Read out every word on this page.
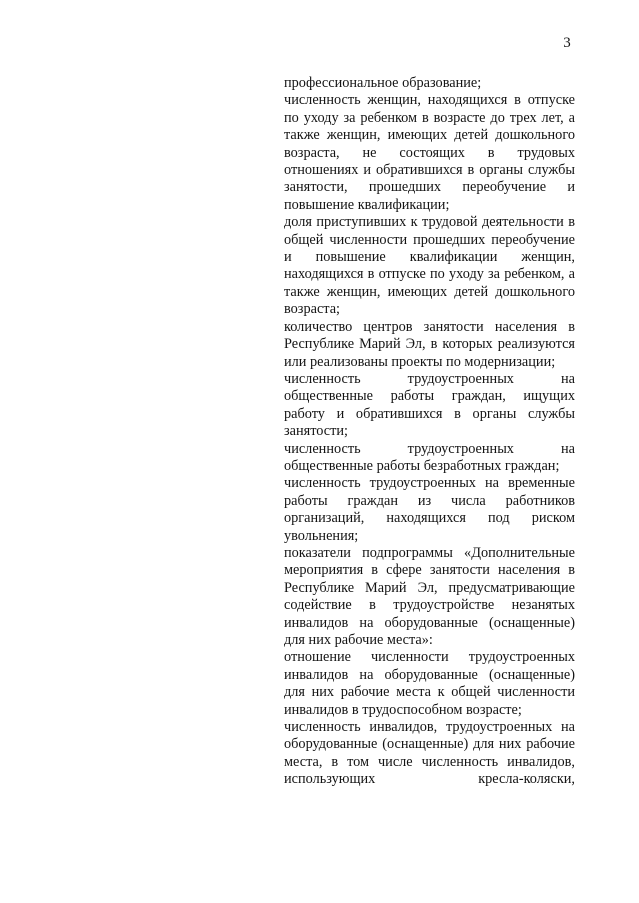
3

профессиональное образование;

численность женщин, находящихся в отпуске по уходу за ребенком в возрасте до трех лет, а также женщин, имеющих детей дошкольного возраста, не состоящих в трудовых отношениях и обратившихся в органы службы занятости, прошедших переобучение и повышение квалификации;

доля приступивших к трудовой деятельности в общей численности прошедших переобучение и повышение квалификации женщин, находящихся в отпуске по уходу за ребенком, а также женщин, имеющих детей дошкольного возраста;

количество центров занятости населения в Республике Марий Эл, в которых реализуются или реализованы проекты по модернизации;

численность трудоустроенных на общественные работы граждан, ищущих работу и обратившихся в органы службы занятости;

численность трудоустроенных на общественные работы безработных граждан;

численность трудоустроенных на временные работы граждан из числа работников организаций, находящихся под риском увольнения;

показатели подпрограммы «Дополнительные мероприятия в сфере занятости населения в Республике Марий Эл, предусматривающие содействие в трудоустройстве незанятых инвалидов на оборудованные (оснащенные) для них рабочие места»:

отношение численности трудоустроенных инвалидов на оборудованные (оснащенные) для них рабочие места к общей численности инвалидов в трудоспособном возрасте;

численность инвалидов, трудоустроенных на оборудованные (оснащенные) для них рабочие места, в том числе численность инвалидов, использующих кресла-коляски,
